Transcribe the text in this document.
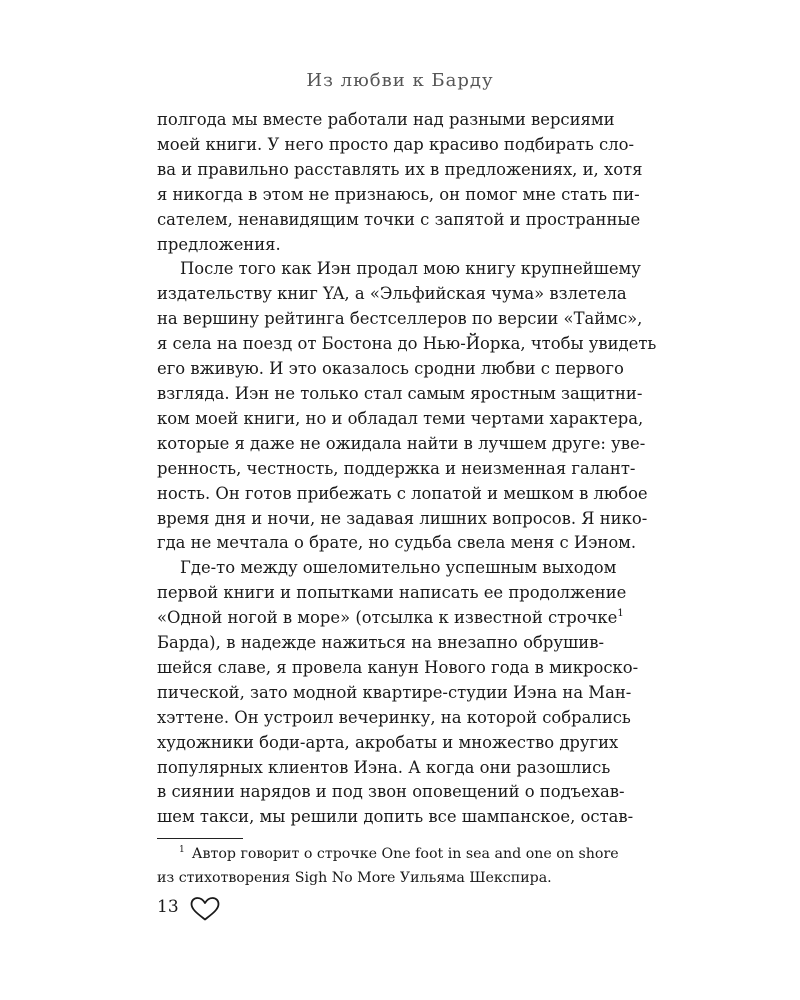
Из любви к Барду

полгода мы вместе работали над разными версиями
моей книги. У него просто дар красиво подбирать сло-
ва и правильно расставлять их в предложениях, и, хотя
я никогда в этом не признаюсь, он помог мне стать пи-
сателем, ненавидящим точки с запятой и пространные
предложения.

После того как Иэн продал мою книгу крупнейшему
издательству книг YA, а «Эльфийская чума» взлетела
на вершину рейтинга бестселлеров по версии «Таймс»,
я села на поезд от Бостона до Нью-Йорка, чтобы увидеть
его вживую. И это оказалось сродни любви с первого
взгляда. Иэн не только стал самым яростным защитни-
ком моей книги, но и обладал теми чертами характера,
которые я даже не ожидала найти в лучшем друге: уве-
ренность, честность, поддержка и неизменная галант-
ность. Он готов прибежать с лопатой и мешком в любое
время дня и ночи, не задавая лишних вопросов. Я нико-
гда не мечтала о брате, но судьба свела меня с Иэном.

Где-то между ошеломительно успешным выходом
первой книги и попытками написать ее продолжение
«Одной ногой в море» (отсылка к известной строчке$^1$
Барда), в надежде нажиться на внезапно обрушив-
шейся славе, я провела канун Нового года в микроско-
пической, зато модной квартире-студии Иэна на Ман-
хэттене. Он устроил вечеринку, на которой собрались
художники боди-арта, акробаты и множество других
популярных клиентов Иэна. А когда они разошлись
в сиянии нарядов и под звон оповещений о подъехав-
шем такси, мы решили допить все шампанское, остав-

$^1$ Автор говорит о строчке One foot in sea and one on shore
из стихотворения Sigh No More Уильяма Шекспира.
13
